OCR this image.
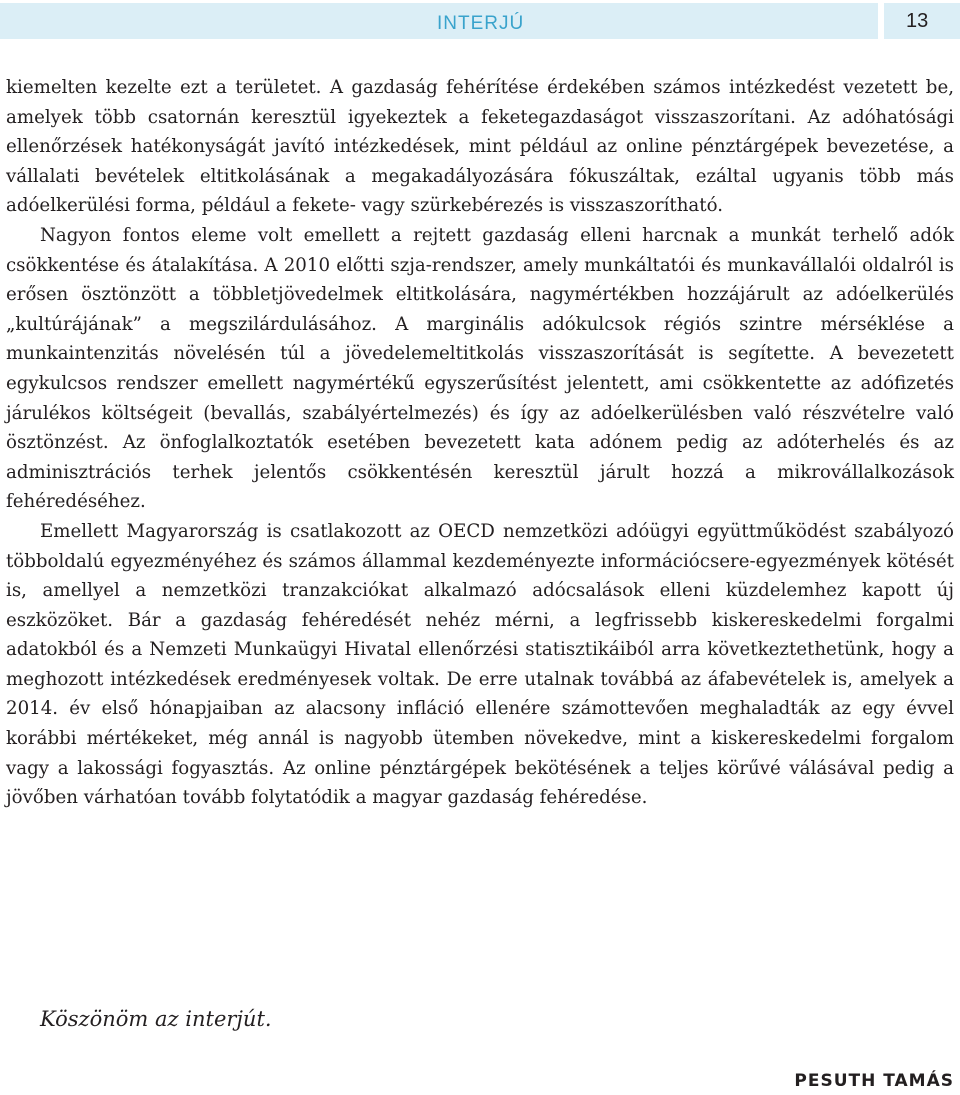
INTERJÚ	13

kiemelten kezelte ezt a területet. A gazdaság fehérítése érdekében számos intézkedést vezetett be, amelyek több csatornán keresztül igyekeztek a feketegazdaságot visszaszorítani. Az adóhatósági ellenőrzések hatékonyságát javító intézkedések, mint például az online pénztárgépek bevezetése, a vállalati bevételek eltitkolásának a megakadályozására fókuszáltak, ezáltal ugyanis több más adóelkerülési forma, például a fekete- vagy szürkebérezés is visszaszorítható.

Nagyon fontos eleme volt emellett a rejtett gazdaság elleni harcnak a munkát terhelő adók csökkentése és átalakítása. A 2010 előtti szja-rendszer, amely munkáltatói és munkavállalói oldalról is erősen ösztönzött a többletjövedelmek eltitkolására, nagymértékben hozzájárult az adóelkerülés „kultúrájának” a megszilárdulásához. A marginális adókulcsok régiós szintre mérséklése a munkaintenzitás növelésén túl a jövedelemeltitkolás visszaszorítását is segítette. A bevezetett egykulcsos rendszer emellett nagymértékű egyszerűsítést jelentett, ami csökkentette az adófizetés járulékos költségeit (bevallás, szabályértelmezés) és így az adóelkerülésben való részvételre való ösztönzést. Az önfoglalkoztatók esetében bevezetett kata adónem pedig az adóterhelés és az adminisztrációs terhek jelentős csökkentésén keresztül járult hozzá a mikrovállalkozások fehéredéséhez.

Emellett Magyarország is csatlakozott az OECD nemzetközi adóügyi együttműködést szabályozó többoldalú egyezményéhez és számos állammal kezdeményezte információcsere-egyezmények kötését is, amellyel a nemzetközi tranzakciókat alkalmazó adócsalások elleni küzdelemhez kapott új eszközöket. Bár a gazdaság fehéredését nehéz mérni, a legfrissebb kiskereskedelmi forgalmi adatokból és a Nemzeti Munkaügyi Hivatal ellenőrzési statisztikáiból arra következtethetünk, hogy a meghozott intézkedések eredményesek voltak. De erre utalnak továbbá az áfabevételek is, amelyek a 2014. év első hónapjaiban az alacsony infláció ellenére számottevően meghaladták az egy évvel korábbi mértékeket, még annál is nagyobb ütemben növekedve, mint a kiskereskedelmi forgalom vagy a lakossági fogyasztás. Az online pénztárgépek bekötésének a teljes körűvé válásával pedig a jövőben várhatóan tovább folytatódik a magyar gazdaság fehéredése.

Köszönöm az interjút.
PESUTH TAMÁS
